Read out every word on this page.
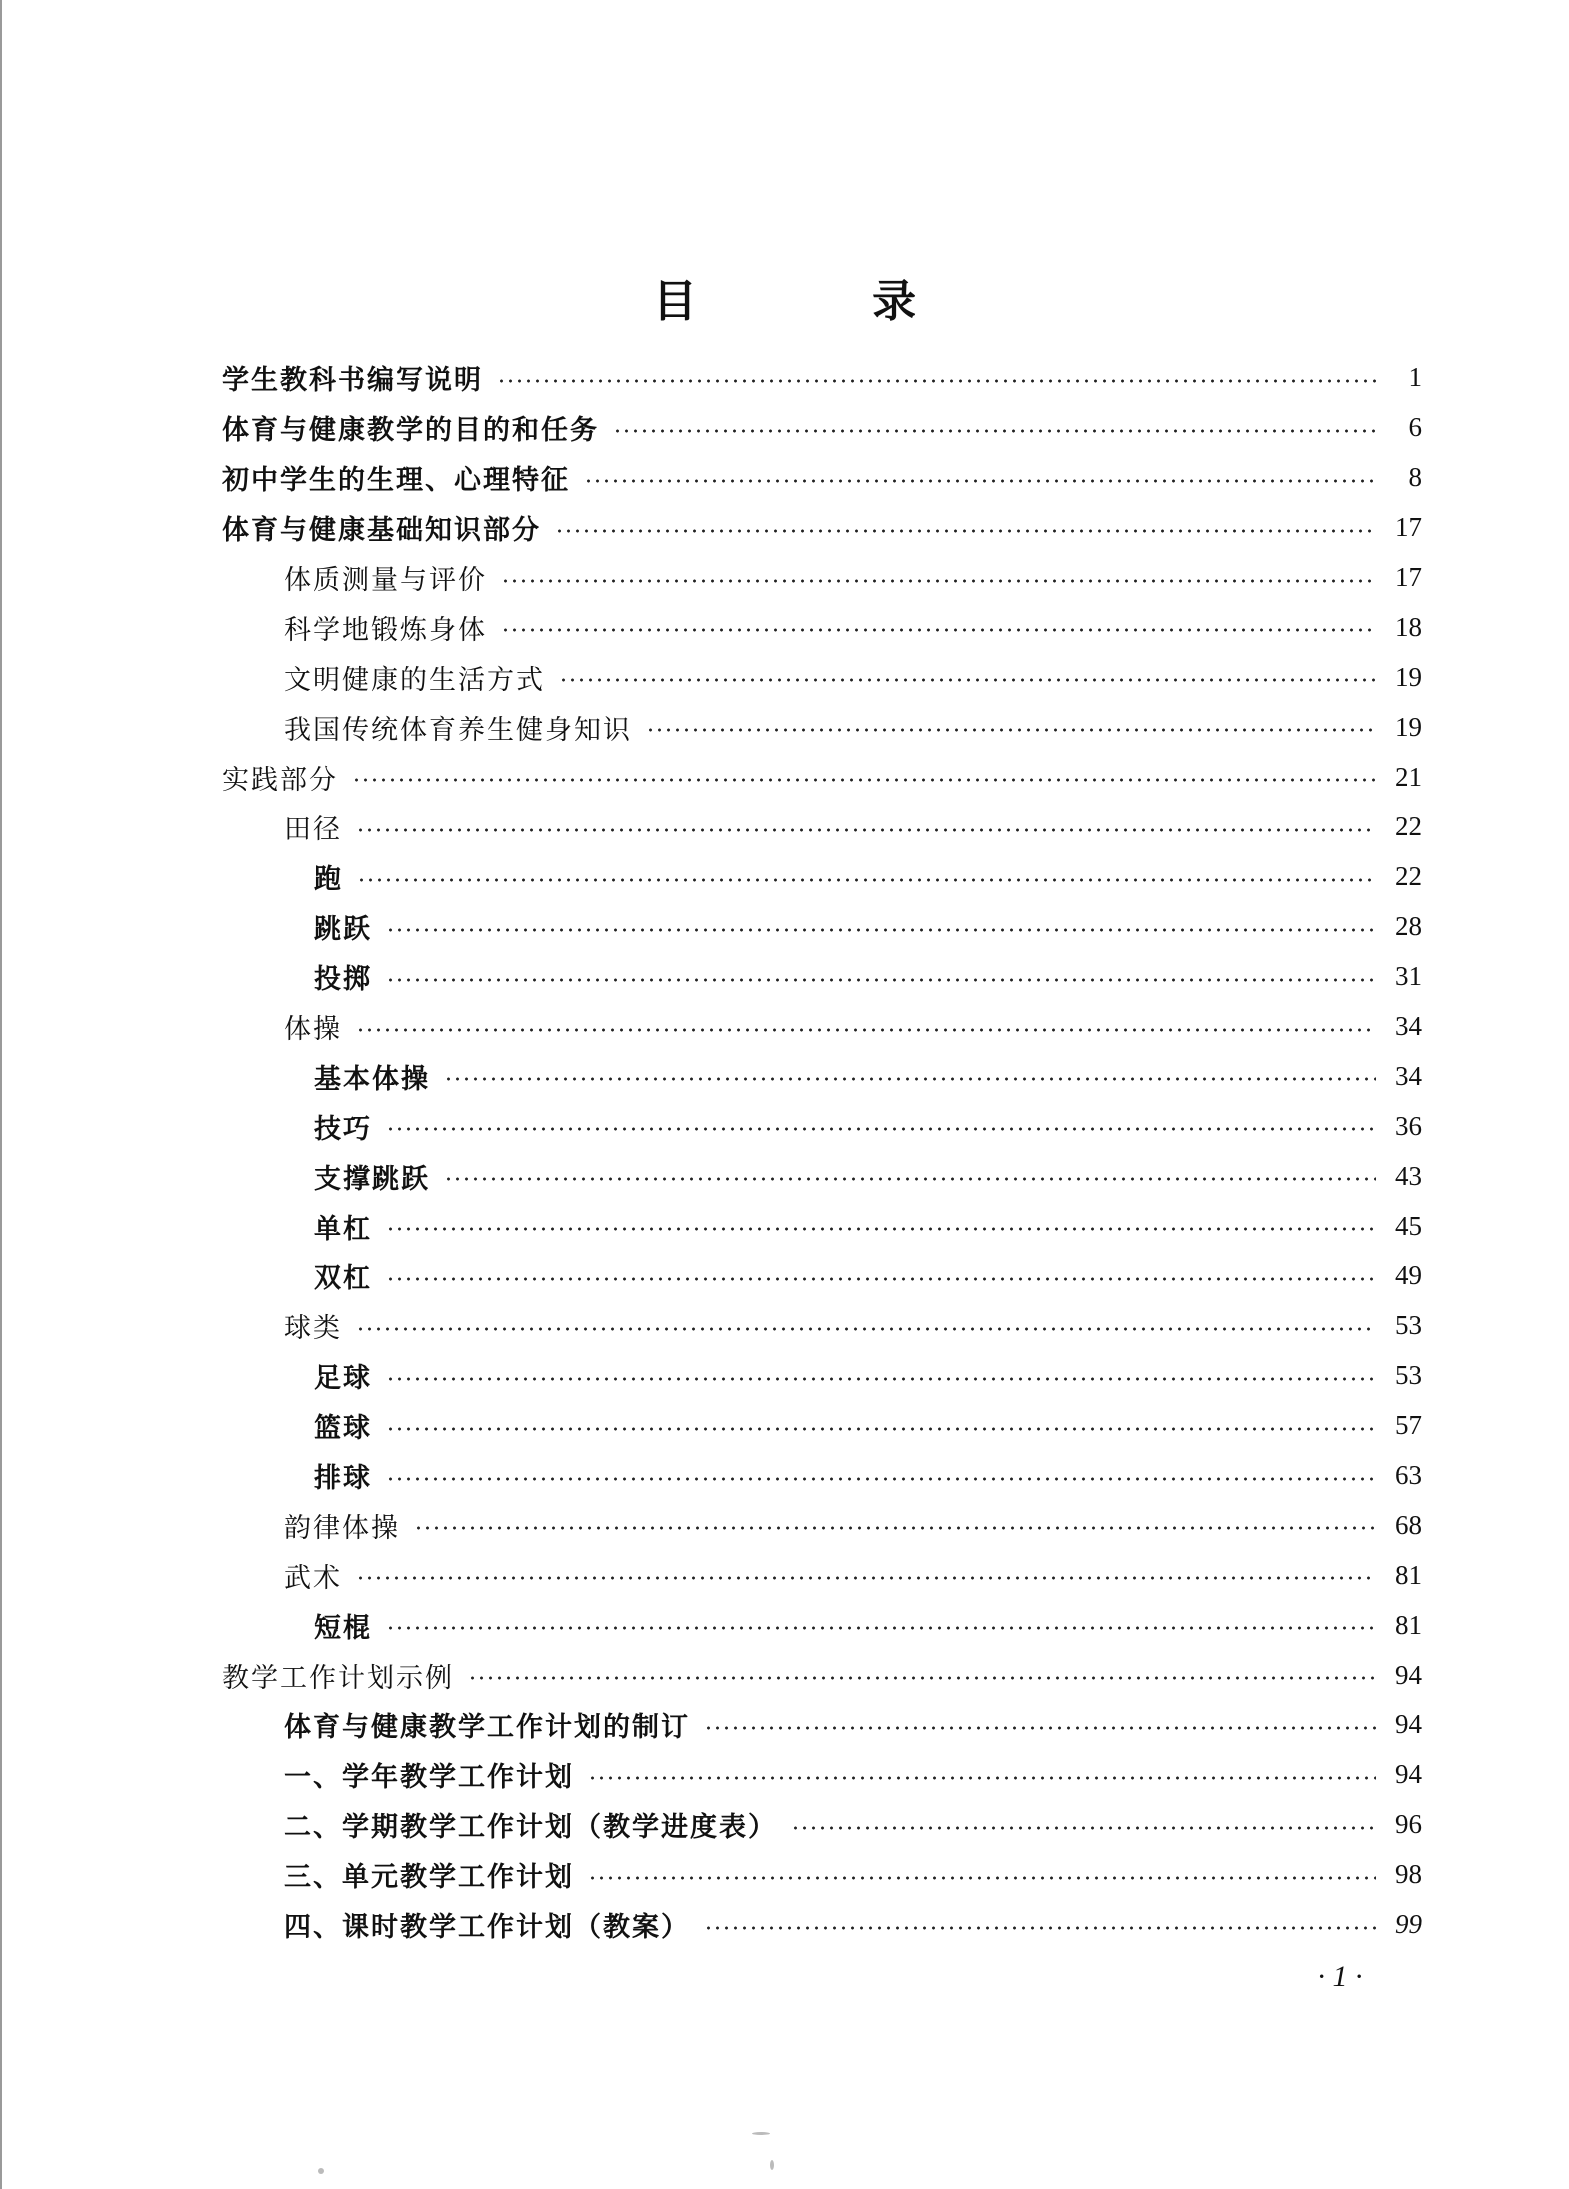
目 录
学生教科书编写说明	1
体育与健康教学的目的和任务	6
初中学生的生理、心理特征	8
体育与健康基础知识部分	17
体质测量与评价	17
科学地锻炼身体	18
文明健康的生活方式	19
我国传统体育养生健身知识	19
实践部分	21
田径	22
跑	22
跳跃	28
投掷	31
体操	34
基本体操	34
技巧	36
支撑跳跃	43
单杠	45
双杠	49
球类	53
足球	53
篮球	57
排球	63
韵律体操	68
武术	81
短棍	81
教学工作计划示例	94
体育与健康教学工作计划的制订	94
一、学年教学工作计划	94
二、学期教学工作计划（教学进度表）	96
三、单元教学工作计划	98
四、课时教学工作计划（教案）	99
· 1 ·
